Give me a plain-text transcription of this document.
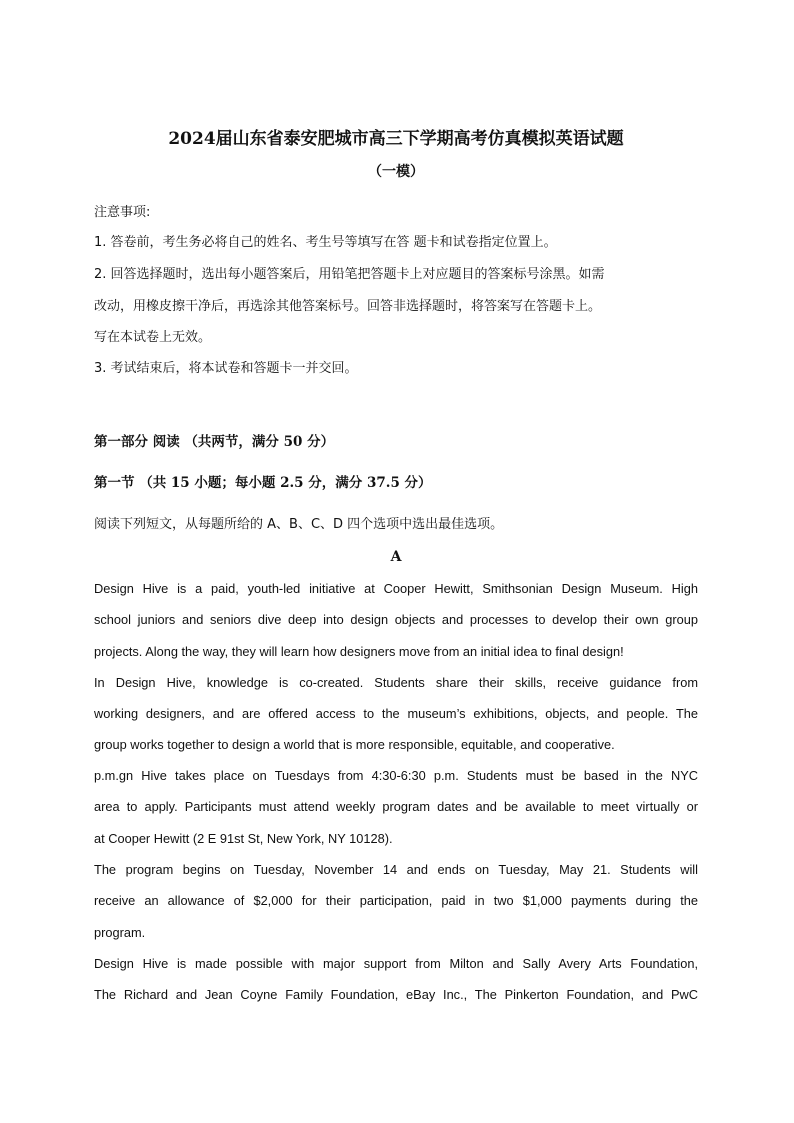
2024届山东省泰安肥城市高三下学期高考仿真模拟英语试题
（一模）
注意事项:
1. 答卷前，考生务必将自己的姓名、考生号等填写在答 题卡和试卷指定位置上。
2. 回答选择题时，选出每小题答案后，用铅笔把答题卡上对应题目的答案标号涂黑。如需
改动，用橡皮擦干净后，再选涂其他答案标号。回答非选择题时，将答案写在答题卡上。
写在本试卷上无效。
3. 考试结束后，将本试卷和答题卡一并交回。
第一部分 阅读 （共两节，满分 50 分）
第一节 （共 15 小题；每小题 2.5 分，满分 37.5 分）
阅读下列短文，从每题所给的 A、B、C、D 四个选项中选出最佳选项。
A
Design Hive is a paid, youth-led initiative at Cooper Hewitt, Smithsonian Design Museum. High
school juniors and seniors dive deep into design objects and processes to develop their own group
projects. Along the way, they will learn how designers move from an initial idea to final design!
In Design Hive, knowledge is co-created. Students share their skills, receive guidance from
working designers, and are offered access to the museum’s exhibitions, objects, and people. The
group works together to design a world that is more responsible, equitable, and cooperative.
p.m.gn Hive takes place on Tuesdays from 4:30-6:30 p.m. Students must be based in the NYC
area to apply. Participants must attend weekly program dates and be available to meet virtually or
at Cooper Hewitt (2 E 91st St, New York, NY 10128).
The program begins on Tuesday, November 14 and ends on Tuesday, May 21. Students will
receive an allowance of $2,000 for their participation, paid in two $1,000 payments during the
program.
Design Hive is made possible with major support from Milton and Sally Avery Arts Foundation,
The Richard and Jean Coyne Family Foundation, eBay Inc., The Pinkerton Foundation, and PwC
